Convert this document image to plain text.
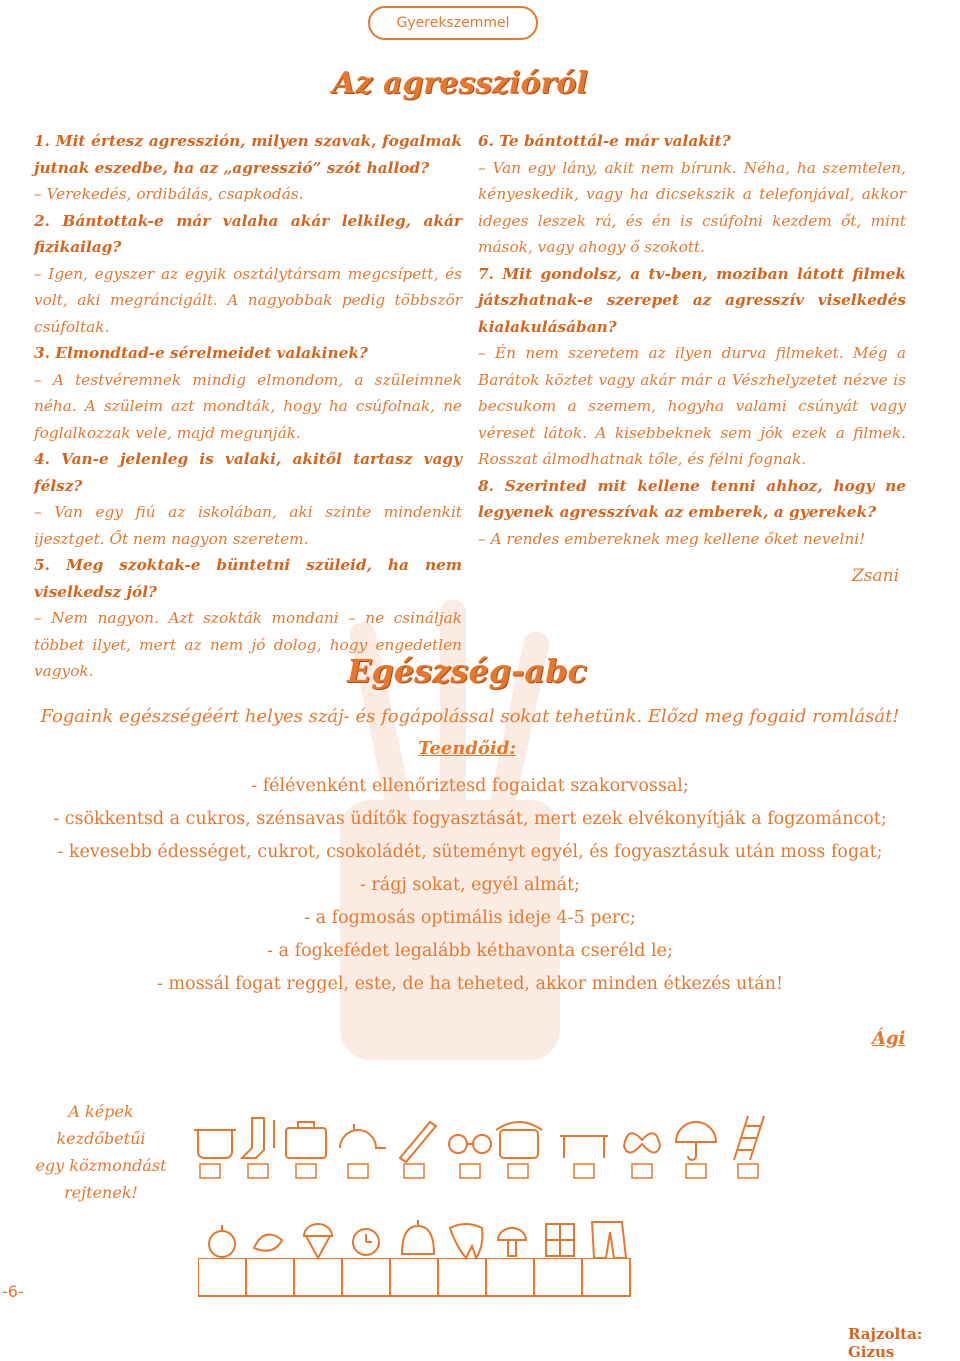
Gyerekszemmel
Az agresszióról

1. Mit értesz agresszión, milyen szavak, fogalmak jutnak eszedbe, ha az „agresszió” szót hallod?

– Verekedés, ordibálás, csapkodás.

2. Bántottak-e már valaha akár lelkileg, akár fizikailag?

– Igen, egyszer az egyik osztálytársam megcsípett, és volt, aki megráncigált. A nagyobbak pedig többször csúfoltak.

3. Elmondtad-e sérelmeidet valakinek?

– A testvéremnek mindig elmondom, a szüleimnek néha. A szüleim azt mondták, hogy ha csúfolnak, ne foglalkozzak vele, majd megunják.

4. Van-e jelenleg is valaki, akitől tartasz vagy félsz?

– Van egy fiú az iskolában, aki szinte mindenkit ijesztget. Őt nem nagyon szeretem.

5. Meg szoktak-e büntetni szüleid, ha nem viselkedsz jól?

– Nem nagyon. Azt szokták mondani – ne csináljak többet ilyet, mert az nem jó dolog, hogy engedetlen vagyok.

6. Te bántottál-e már valakit?

– Van egy lány, akit nem bírunk. Néha, ha szemtelen, kényeskedik, vagy ha dicsekszik a telefonjával, akkor ideges leszek rá, és én is csúfolni kezdem őt, mint mások, vagy ahogy ő szokott.

7. Mit gondolsz, a tv-ben, moziban látott filmek játszhatnak-e szerepet az agresszív viselkedés kialakulásában?

– Én nem szeretem az ilyen durva filmeket. Még a Barátok köztet vagy akár már a Vészhelyzetet nézve is becsukom a szemem, hogyha valami csúnyát vagy véreset látok. A kisebbeknek sem jók ezek a filmek. Rosszat álmodhatnak tőle, és félni fognak.

8. Szerinted mit kellene tenni ahhoz, hogy ne legyenek agresszívak az emberek, a gyerekek?

– A rendes embereknek meg kellene őket nevelni!

Zsani
Egészség-abc
Fogaink egészségéért helyes száj- és fogápolással sokat tehetünk. Előzd meg fogaid romlását!
Teendőid:
- félévenként ellenőriztesd fogaidat szakorvossal;
- csökkentsd a cukros, szénsavas üdítők fogyasztását, mert ezek elvékonyítják a fogzománcot;
- kevesebb édességet, cukrot, csokoládét, süteményt egyél, és fogyasztásuk után moss fogat;
- rágj sokat, egyél almát;
- a fogmosás optimális ideje 4-5 perc;
- a fogkefédet legalább kéthavonta cseréld le;
- mossál fogat reggel, este, de ha teheted, akkor minden étkezés után!
Ági
A képek kezdőbetűi
egy közmondást
rejtenek!
-6-
Rajzolta: Gizus
